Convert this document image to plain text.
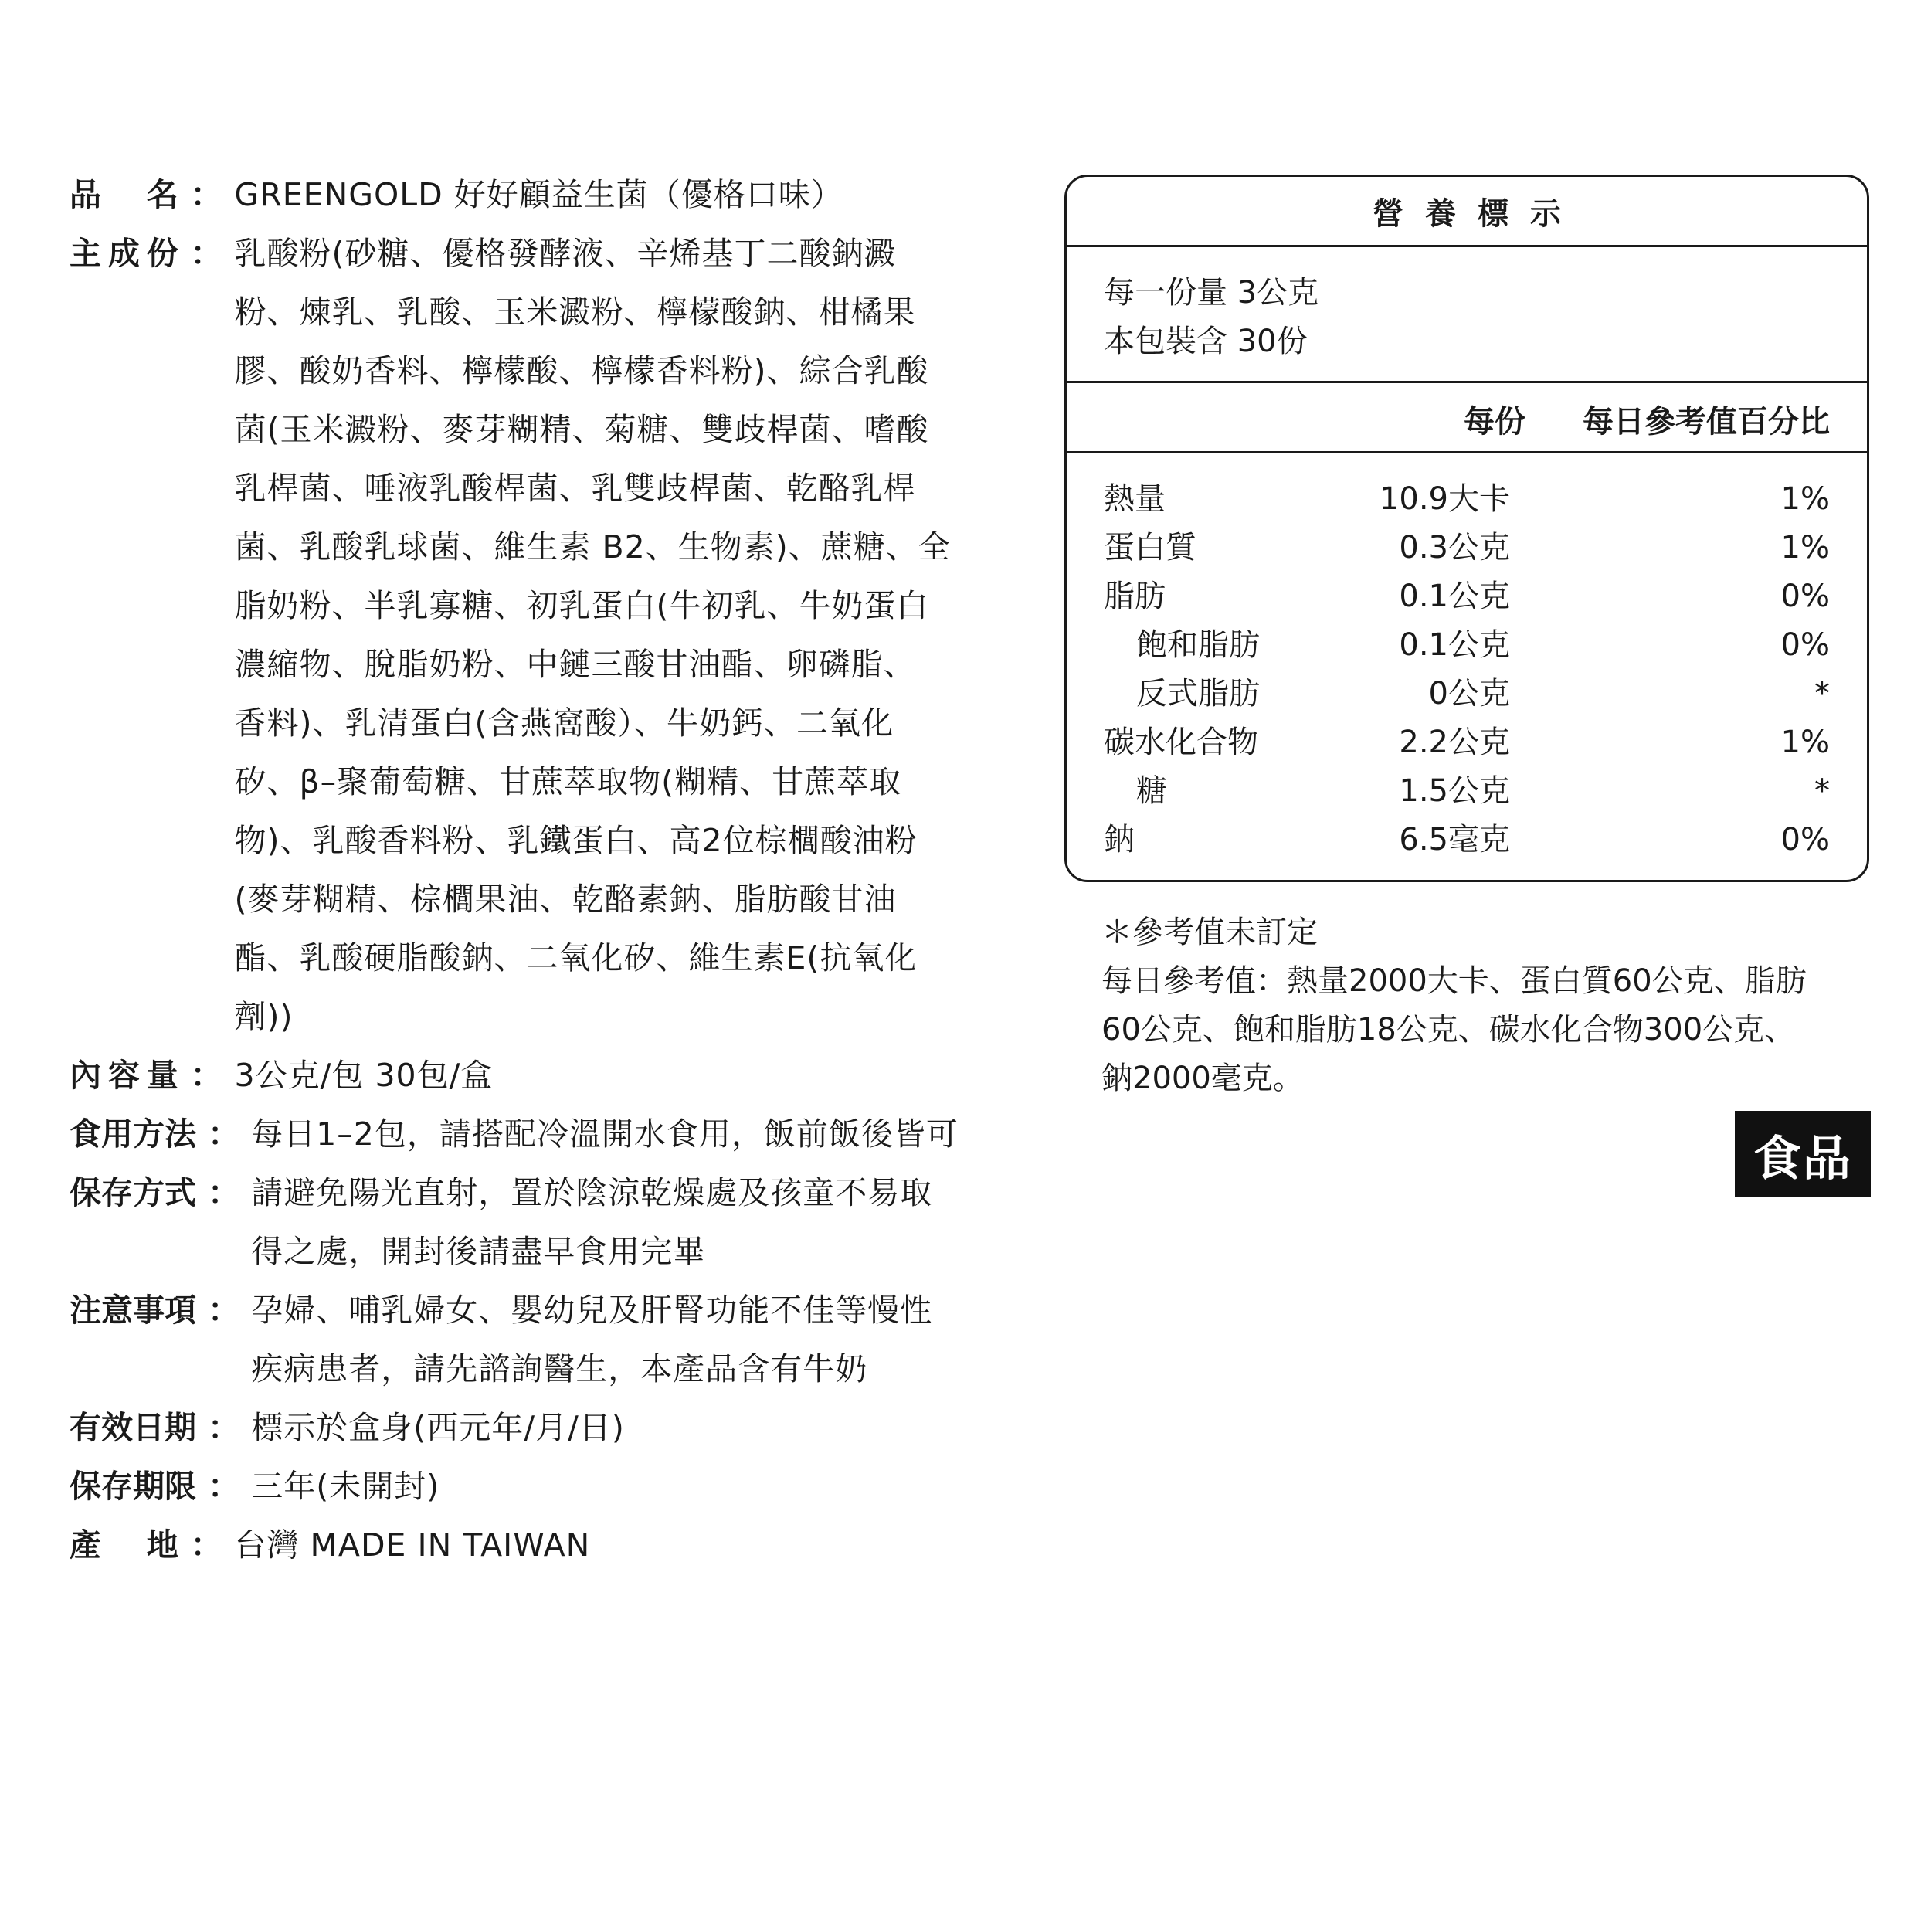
品 名 ： GREENGOLD 好好顧益生菌（優格口味）
主 成 份 ： 乳酸粉(砂糖、優格發酵液、辛烯基丁二酸鈉澱
粉、煉乳、乳酸、玉米澱粉、檸檬酸鈉、柑橘果
膠、酸奶香料、檸檬酸、檸檬香料粉)、綜合乳酸
菌(玉米澱粉、麥芽糊精、菊糖、雙歧桿菌、嗜酸
乳桿菌、唾液乳酸桿菌、乳雙歧桿菌、乾酪乳桿
菌、乳酸乳球菌、維生素 B2、生物素)、蔗糖、全
脂奶粉、半乳寡糖、初乳蛋白(牛初乳、牛奶蛋白
濃縮物、脫脂奶粉、中鏈三酸甘油酯、卵磷脂、
香料)、乳清蛋白(含燕窩酸）、牛奶鈣、二氧化
矽、β–聚葡萄糖、甘蔗萃取物(糊精、甘蔗萃取
物)、乳酸香料粉、乳鐵蛋白、高2位棕櫚酸油粉
(麥芽糊精、棕櫚果油、乾酪素鈉、脂肪酸甘油
酯、乳酸硬脂酸鈉、二氧化矽、維生素E(抗氧化
劑))
內 容 量 ： 3公克/包 30包/盒
食用方法 ： 每日1–2包，請搭配冷溫開水食用，飯前飯後皆可
保存方式 ： 請避免陽光直射，置於陰涼乾燥處及孩童不易取
得之處，開封後請盡早食用完畢
注意事項 ： 孕婦、哺乳婦女、嬰幼兒及肝腎功能不佳等慢性
疾病患者，請先諮詢醫生，本產品含有牛奶
有效日期 ： 標示於盒身(西元年/月/日)
保存期限 ： 三年(未開封)
產 地 ： 台灣 MADE IN TAIWAN
營養標示
每一份量 3公克
本包裝含 30份
每份 每日參考值百分比
熱量	10.9 大卡	1%
蛋白質	0.3 公克	1%
脂肪	0.1 公克	0%
飽和脂肪	0.1 公克	0%
反式脂肪	0 公克	*
碳水化合物	2.2 公克	1%
糖	1.5 公克	*
鈉	6.5 毫克	0%
＊參考值未訂定
每日參考值：熱量2000大卡、蛋白質60公克、脂肪
60公克、飽和脂肪18公克、碳水化合物300公克、
鈉2000毫克。
食品
